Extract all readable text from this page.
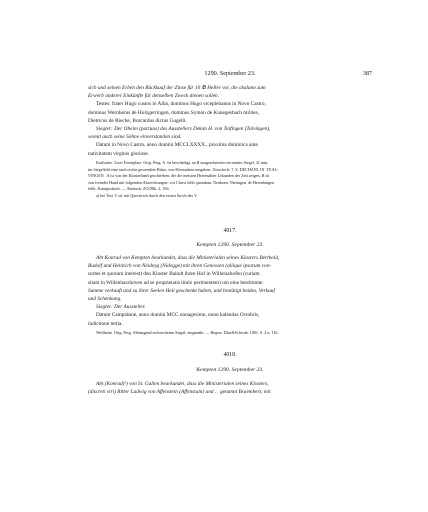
1290. September 23.	387
sich und seinen Erben den Rückkauf der Zinse für 10 ℔ Heller vor, die alsdann zum
Erwerb anderer Einkünfte für denselben Zweck dienen sollen.
Testes: frater Hugo custos in Alba, dominus Hugo viceplebanus in Novo Castro,
dominus Wernherus de Holzgerringen, dominus Symon de Kunegesbach milites,
Dietricus de Rieche, Burcardus dictus Gugelli.
Siegler: Der Oheim (patruus) des Ausstellers Dekan H. von Taifingen (Talvingen),
womit auch seine Söhne einverstanden sind.
Datum in Novo Castro, anno domini MCCLXXXX., proxima dominica ante
nativitatem virginis gloriose.
Karlsruhe. Zwei Exemplare. Orig. Perg. A. Ist beschädigt, an R ausgeschnitten ein rundes Siegel, 41 mm,
im Siegelfeld eine nach rechts gewendete Büste, von Kleeranken umgeben; Umschrift: † .S. DECHANI .IN .TEAL-
VINGEN . A ist von der Klosterhand geschrieben, die die meisten Herrenalber Urkunden der Zeit zeigen, B ist
von fremder Hand mit folgenden Abweichungen: vor Christ fehlt quondam, Neuhoen, Nettingen, de Herenbingen
fehlt, Kunegesbach. — Abdruck: ZGORh. 2, 356.
a) bei Text V sd. mit Querstrich durch den ersten Strich des V.
4017.
Kempten 1290. September 23.
Abt Konrad von Kempten beurkundet, dass die Ministerialen seines Klosters Berthold,
Rudolf und Heinrich von Neideyg (Nidegge) mit ihren Genossen (aliique ipsorum con-
sortes et quorum interest) den Kloster Baindt ihren Hof in Willerazhofen (curiam
sitam in Willenharzhoven ad se proprietatis titulo pertinentem) um eine bestimmte
Summe verkauft und zu ihrer Seelen Heil geschenkt haben, und bestätigt beides, Verkauf
und Schenkung.
Siegler: Der Aussteller.
Datum Campidone, anno domini MCC nonagesimo, nono kalendas Octobris,
indictione tertia.
Weilheim. Orig. Perg. Abhangend zerbrochenes Siegel, eingenäht. — Regest: Dürr&Schwab. 1801, S. 2 n. 116.
4018.
Kempten 1290. September 23.
Abt (Konrad)¹) von St. Gallen beurkundet, dass die Ministerialen seines Klosters,
(discreti viri) Ritter Ludwig von Affenstein (Affenstain) und . . genannt Braembert, mit
